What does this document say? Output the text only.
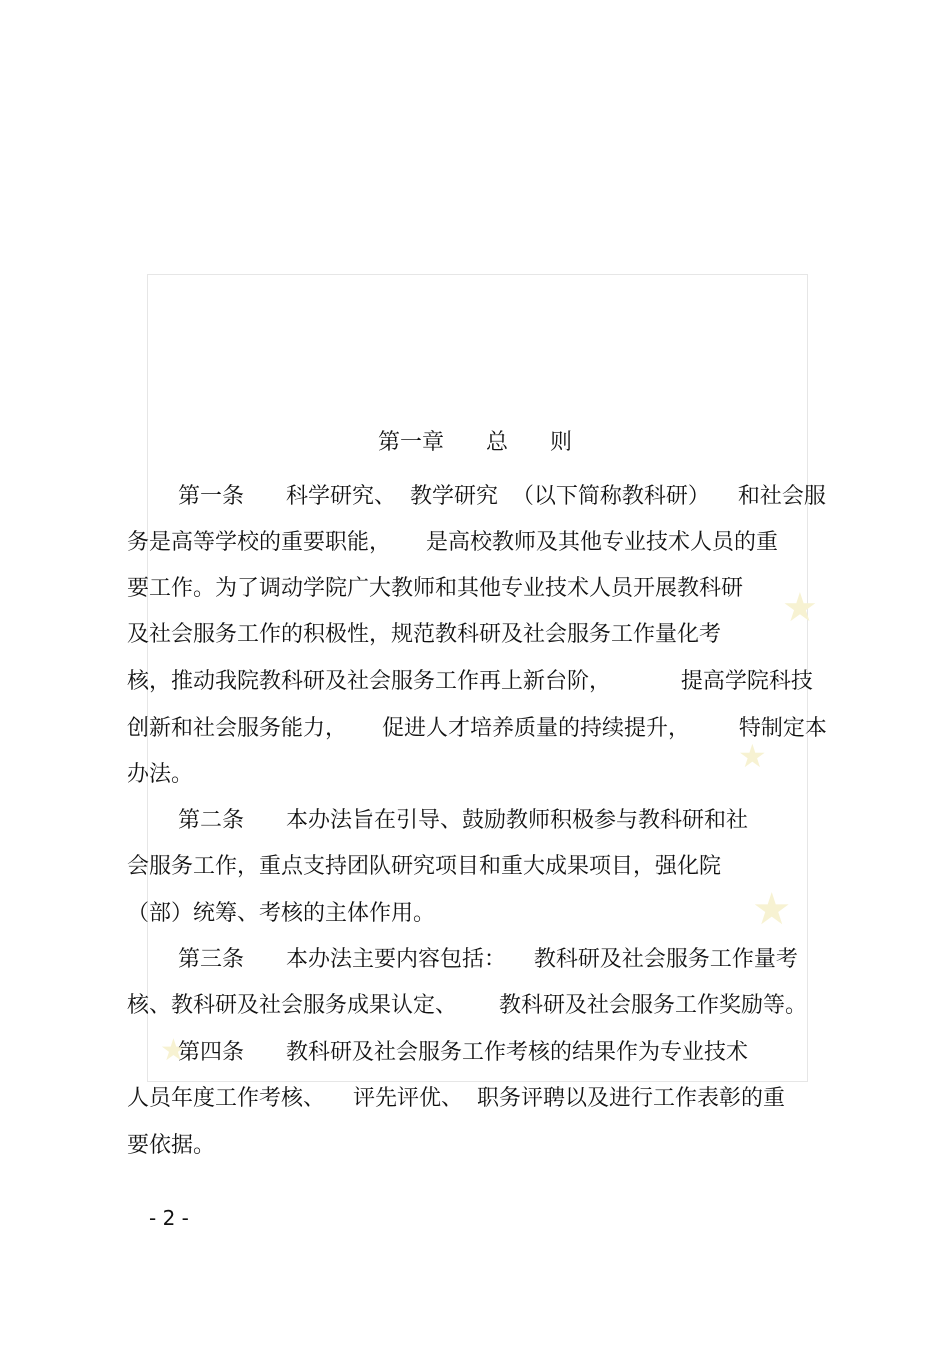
★
★
★
★
第一章      总      则

第一条      科学研究、  教学研究  （以下简称教科研）    和社会服

务是高等学校的重要职能，     是高校教师及其他专业技术人员的重

要工作。为了调动学院广大教师和其他专业技术人员开展教科研

及社会服务工作的积极性，规范教科研及社会服务工作量化考

核，推动我院教科研及社会服务工作再上新台阶，          提高学院科技

创新和社会服务能力，     促进人才培养质量的持续提升，       特制定本

办法。

第二条      本办法旨在引导、鼓励教师积极参与教科研和社

会服务工作，重点支持团队研究项目和重大成果项目，强化院

（部）统筹、考核的主体作用。

第三条      本办法主要内容包括：    教科研及社会服务工作量考

核、教科研及社会服务成果认定、      教科研及社会服务工作奖励等。

第四条      教科研及社会服务工作考核的结果作为专业技术

人员年度工作考核、    评先评优、  职务评聘以及进行工作表彰的重

要依据。

- 2 -
